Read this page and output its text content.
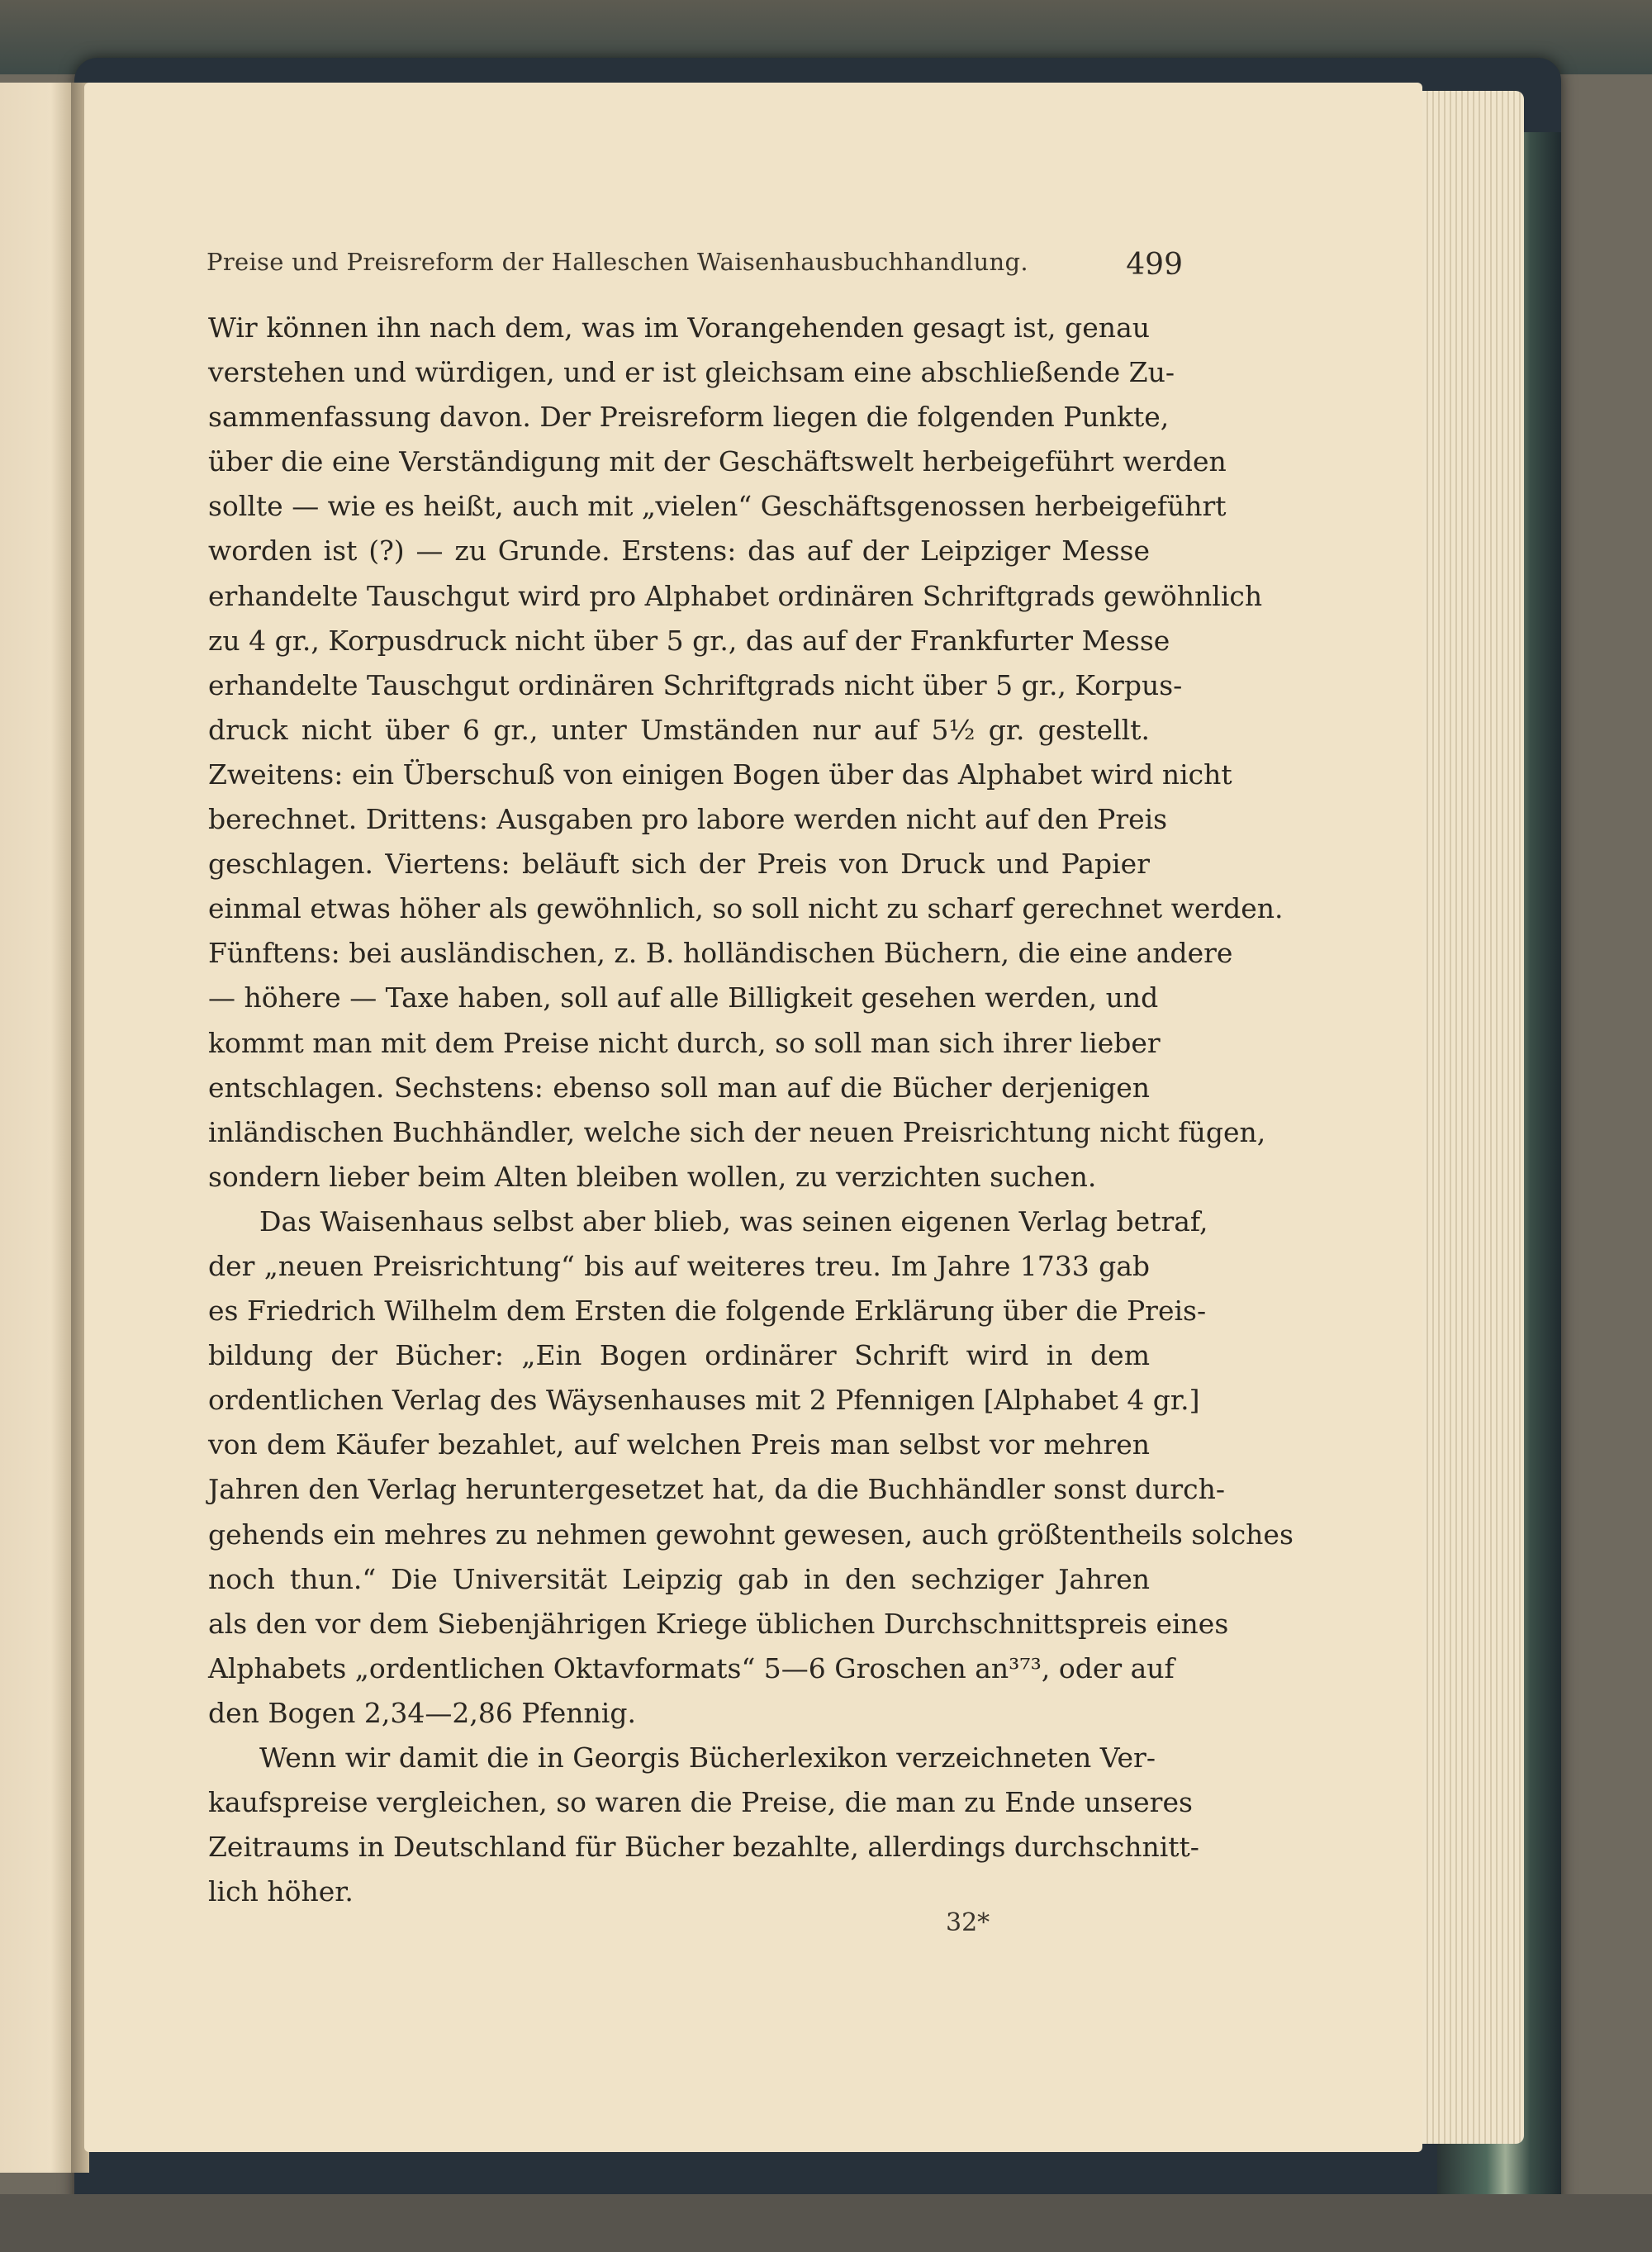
Preise und Preisreform der Halleschen Waisenhausbuchhandlung.	499
Wir können ihn nach dem, was im Vorangehenden gesagt ist, genau
verstehen und würdigen, und er ist gleichsam eine abschließende Zu-
sammenfassung davon. Der Preisreform liegen die folgenden Punkte,
über die eine Verständigung mit der Geschäftswelt herbeigeführt werden
sollte — wie es heißt, auch mit „vielen“ Geschäftsgenossen herbeigeführt
worden ist (?) — zu Grunde. Erstens: das auf der Leipziger Messe
erhandelte Tauschgut wird pro Alphabet ordinären Schriftgrads gewöhnlich
zu 4 gr., Korpusdruck nicht über 5 gr., das auf der Frankfurter Messe
erhandelte Tauschgut ordinären Schriftgrads nicht über 5 gr., Korpus-
druck nicht über 6 gr., unter Umständen nur auf 5½ gr. gestellt.
Zweitens: ein Überschuß von einigen Bogen über das Alphabet wird nicht
berechnet. Drittens: Ausgaben pro labore werden nicht auf den Preis
geschlagen. Viertens: beläuft sich der Preis von Druck und Papier
einmal etwas höher als gewöhnlich, so soll nicht zu scharf gerechnet werden.
Fünftens: bei ausländischen, z. B. holländischen Büchern, die eine andere
— höhere — Taxe haben, soll auf alle Billigkeit gesehen werden, und
kommt man mit dem Preise nicht durch, so soll man sich ihrer lieber
entschlagen. Sechstens: ebenso soll man auf die Bücher derjenigen
inländischen Buchhändler, welche sich der neuen Preisrichtung nicht fügen,
sondern lieber beim Alten bleiben wollen, zu verzichten suchen.
Das Waisenhaus selbst aber blieb, was seinen eigenen Verlag betraf,
der „neuen Preisrichtung“ bis auf weiteres treu. Im Jahre 1733 gab
es Friedrich Wilhelm dem Ersten die folgende Erklärung über die Preis-
bildung der Bücher: „Ein Bogen ordinärer Schrift wird in dem
ordentlichen Verlag des Wäysenhauses mit 2 Pfennigen [Alphabet 4 gr.]
von dem Käufer bezahlet, auf welchen Preis man selbst vor mehren
Jahren den Verlag heruntergesetzet hat, da die Buchhändler sonst durch-
gehends ein mehres zu nehmen gewohnt gewesen, auch größtentheils solches
noch thun.“ Die Universität Leipzig gab in den sechziger Jahren
als den vor dem Siebenjährigen Kriege üblichen Durchschnittspreis eines
Alphabets „ordentlichen Oktavformats“ 5—6 Groschen an³⁷³, oder auf
den Bogen 2,34—2,86 Pfennig.
Wenn wir damit die in Georgis Bücherlexikon verzeichneten Ver-
kaufspreise vergleichen, so waren die Preise, die man zu Ende unseres
Zeitraums in Deutschland für Bücher bezahlte, allerdings durchschnitt-
lich höher.
32*
